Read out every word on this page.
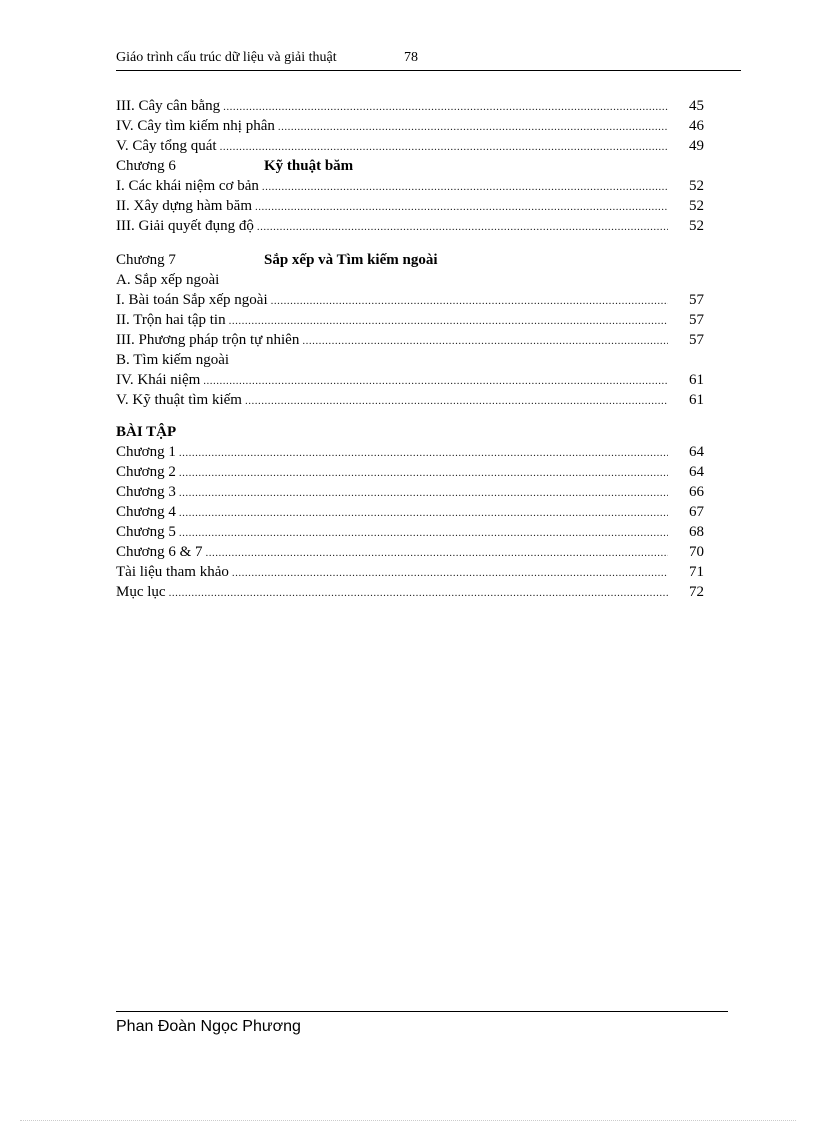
Giáo trình cấu trúc dữ liệu và giải thuật	78
III. Cây cân bằng .....	45
IV. Cây tìm kiếm nhị phân .....	46
V. Cây tổng quát .....	49
Chương 6	Kỹ thuật băm
I. Các khái niệm cơ bản .....	52
II. Xây dựng hàm băm .....	52
III. Giải quyết đụng độ .....	52
Chương 7	Sắp xếp và Tìm kiếm ngoài
A. Sắp xếp ngoài
I. Bài toán Sắp xếp ngoài .....	57
II. Trộn hai tập tin .....	57
III. Phương pháp trộn tự nhiên .....	57
B. Tìm kiếm ngoài
IV. Khái niệm .....	61
V. Kỹ thuật tìm kiếm .....	61
BÀI TẬP
Chương 1 .....	64
Chương 2 .....	64
Chương 3 .....	66
Chương 4 .....	67
Chương 5 .....	68
Chương 6 & 7 .....	70
Tài liệu tham khảo .....	71
Mục lục .....	72
Phan Đoàn Ngọc Phương
